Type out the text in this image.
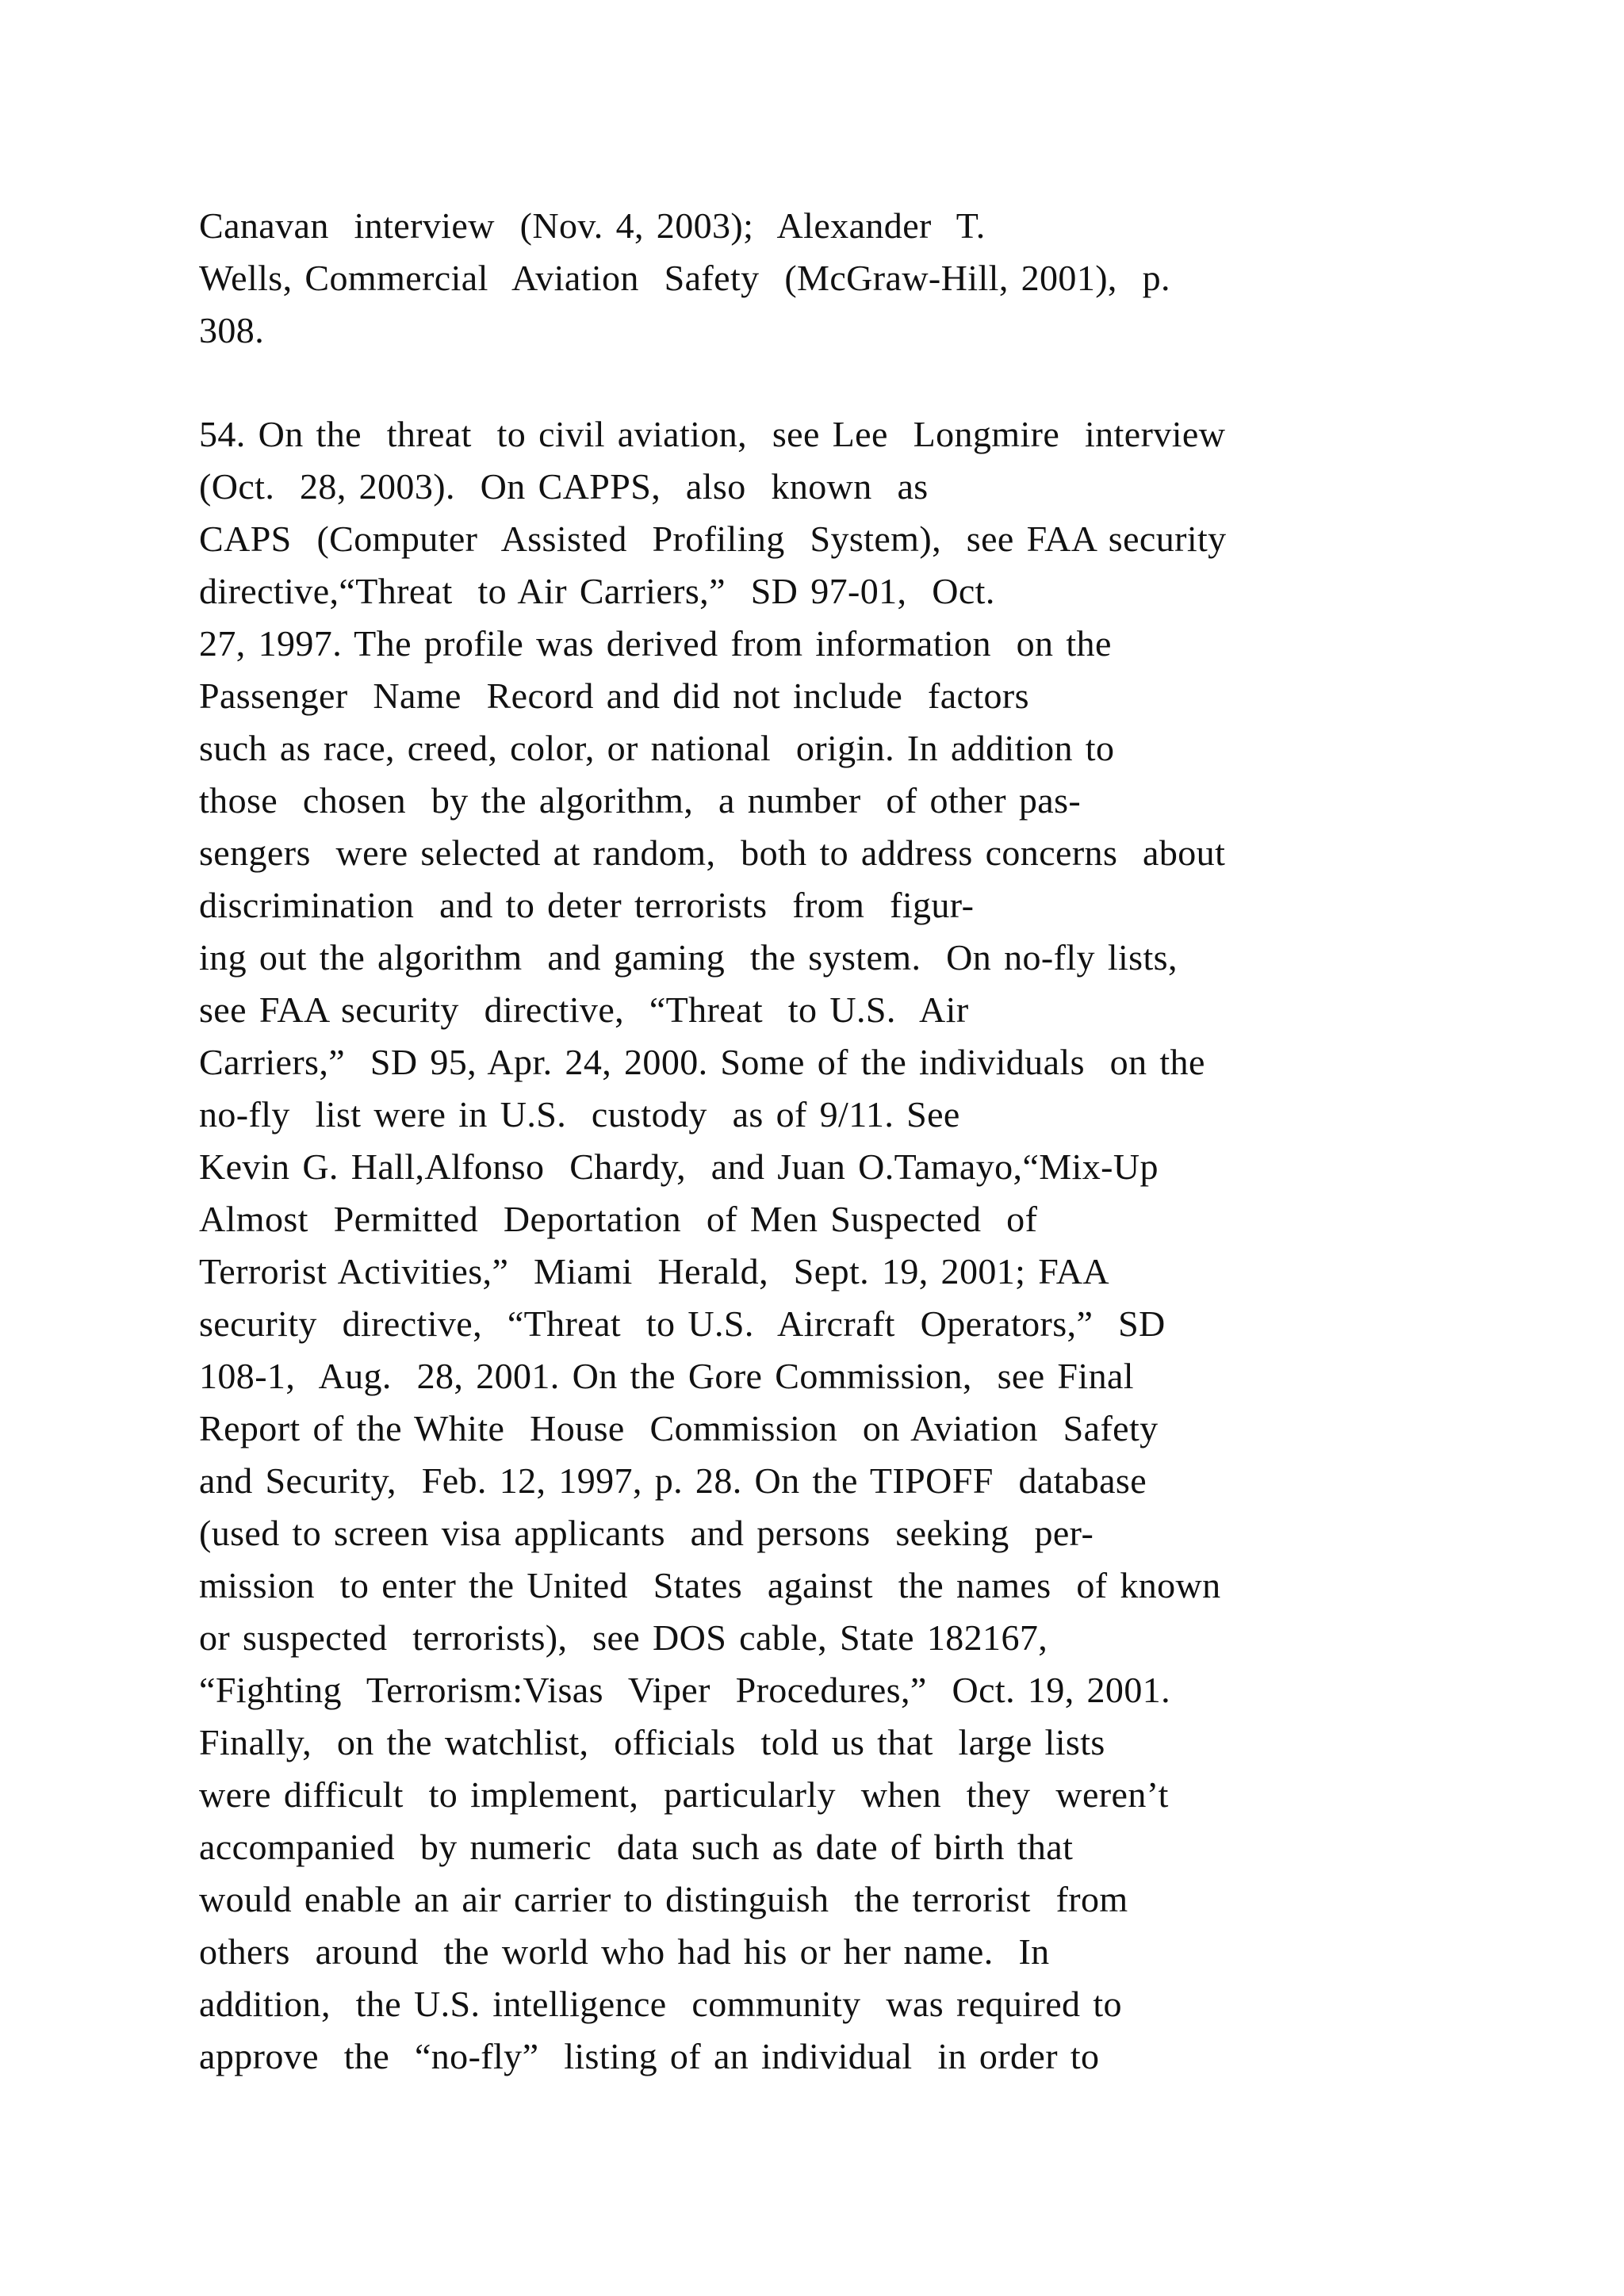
Canavan  interview  (Nov. 4, 2003);  Alexander  T.
Wells, Commercial  Aviation  Safety  (McGraw-Hill, 2001),  p.
308.
54. On the  threat  to civil aviation,  see Lee  Longmire  interview
(Oct.  28, 2003).  On CAPPS,  also  known  as
CAPS  (Computer  Assisted  Profiling  System),  see FAA security
directive,“Threat  to Air Carriers,”  SD 97-01,  Oct.
27, 1997. The profile was derived from information  on the
Passenger  Name  Record and did not include  factors
such as race, creed, color, or national  origin. In addition to
those  chosen  by the algorithm,  a number  of other pas-
sengers  were selected at random,  both to address concerns  about
discrimination  and to deter terrorists  from  figur-
ing out the algorithm  and gaming  the system.  On no-fly lists,
see FAA security  directive,  “Threat  to U.S.  Air
Carriers,”  SD 95, Apr. 24, 2000. Some of the individuals  on the
no-fly  list were in U.S.  custody  as of 9/11. See
Kevin G. Hall,Alfonso  Chardy,  and Juan O.Tamayo,“Mix-Up
Almost  Permitted  Deportation  of Men Suspected  of
Terrorist Activities,”  Miami  Herald,  Sept. 19, 2001; FAA
security  directive,  “Threat  to U.S.  Aircraft  Operators,”  SD
108-1,  Aug.  28, 2001. On the Gore Commission,  see Final
Report of the White  House  Commission  on Aviation  Safety
and Security,  Feb. 12, 1997, p. 28. On the TIPOFF  database
(used to screen visa applicants  and persons  seeking  per-
mission  to enter the United  States  against  the names  of known
or suspected  terrorists),  see DOS cable, State 182167,
“Fighting  Terrorism:Visas  Viper  Procedures,”  Oct. 19, 2001.
Finally,  on the watchlist,  officials  told us that  large lists
were difficult  to implement,  particularly  when  they  weren’t
accompanied  by numeric  data such as date of birth that
would enable an air carrier to distinguish  the terrorist  from
others  around  the world who had his or her name.  In
addition,  the U.S. intelligence  community  was required to
approve  the  “no-fly”  listing of an individual  in order to
